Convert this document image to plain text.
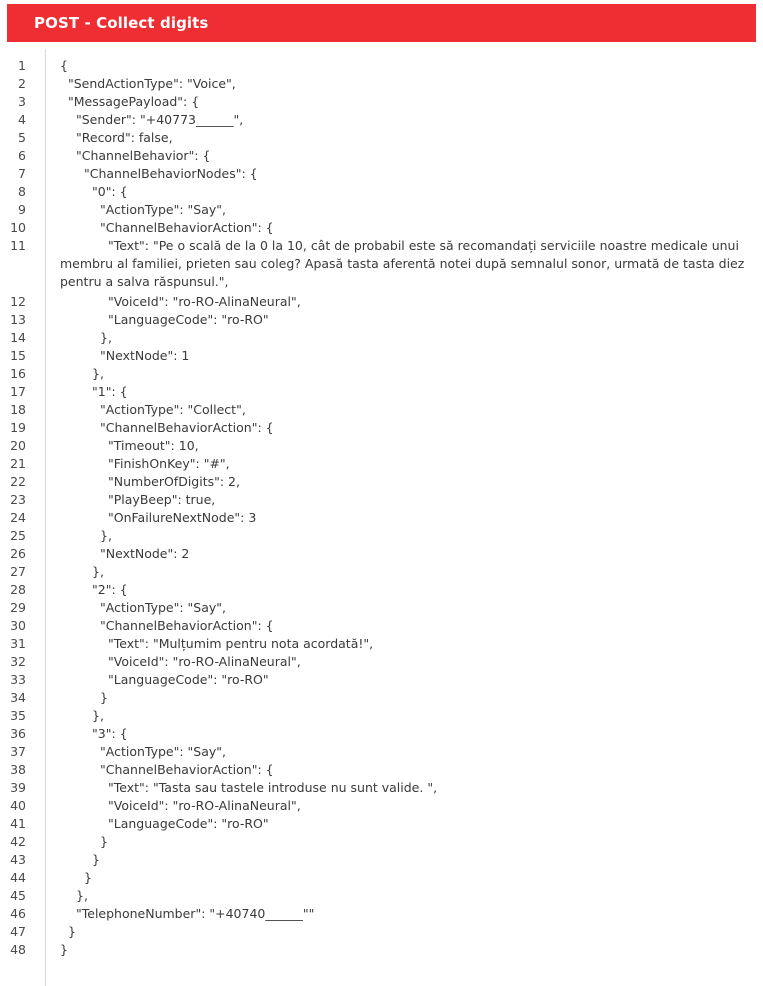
POST - Collect digits
1	{
2	"SendActionType": "Voice",
3	"MessagePayload": {
4	"Sender": "+40773______",
5	"Record": false,
6	"ChannelBehavior": {
7	"ChannelBehaviorNodes": {
8	"0": {
9	"ActionType": "Say",
10	"ChannelBehaviorAction": {
11	"Text": "Pe o scală de la 0 la 10, cât de probabil este să recomandați serviciile noastre medicale unui membru al familiei, prieten sau coleg? Apasă tasta aferentă notei după semnalul sonor, urmată de tasta diez pentru a salva răspunsul.",
12	"VoiceId": "ro-RO-AlinaNeural",
13	"LanguageCode": "ro-RO"
14	},
15	"NextNode": 1
16	},
17	"1": {
18	"ActionType": "Collect",
19	"ChannelBehaviorAction": {
20	"Timeout": 10,
21	"FinishOnKey": "#",
22	"NumberOfDigits": 2,
23	"PlayBeep": true,
24	"OnFailureNextNode": 3
25	},
26	"NextNode": 2
27	},
28	"2": {
29	"ActionType": "Say",
30	"ChannelBehaviorAction": {
31	"Text": "Mulțumim pentru nota acordată!",
32	"VoiceId": "ro-RO-AlinaNeural",
33	"LanguageCode": "ro-RO"
34	}
35	},
36	"3": {
37	"ActionType": "Say",
38	"ChannelBehaviorAction": {
39	"Text": "Tasta sau tastele introduse nu sunt valide. ",
40	"VoiceId": "ro-RO-AlinaNeural",
41	"LanguageCode": "ro-RO"
42	}
43	}
44	}
45	},
46	"TelephoneNumber": "+40740______""
47	}
48	}
